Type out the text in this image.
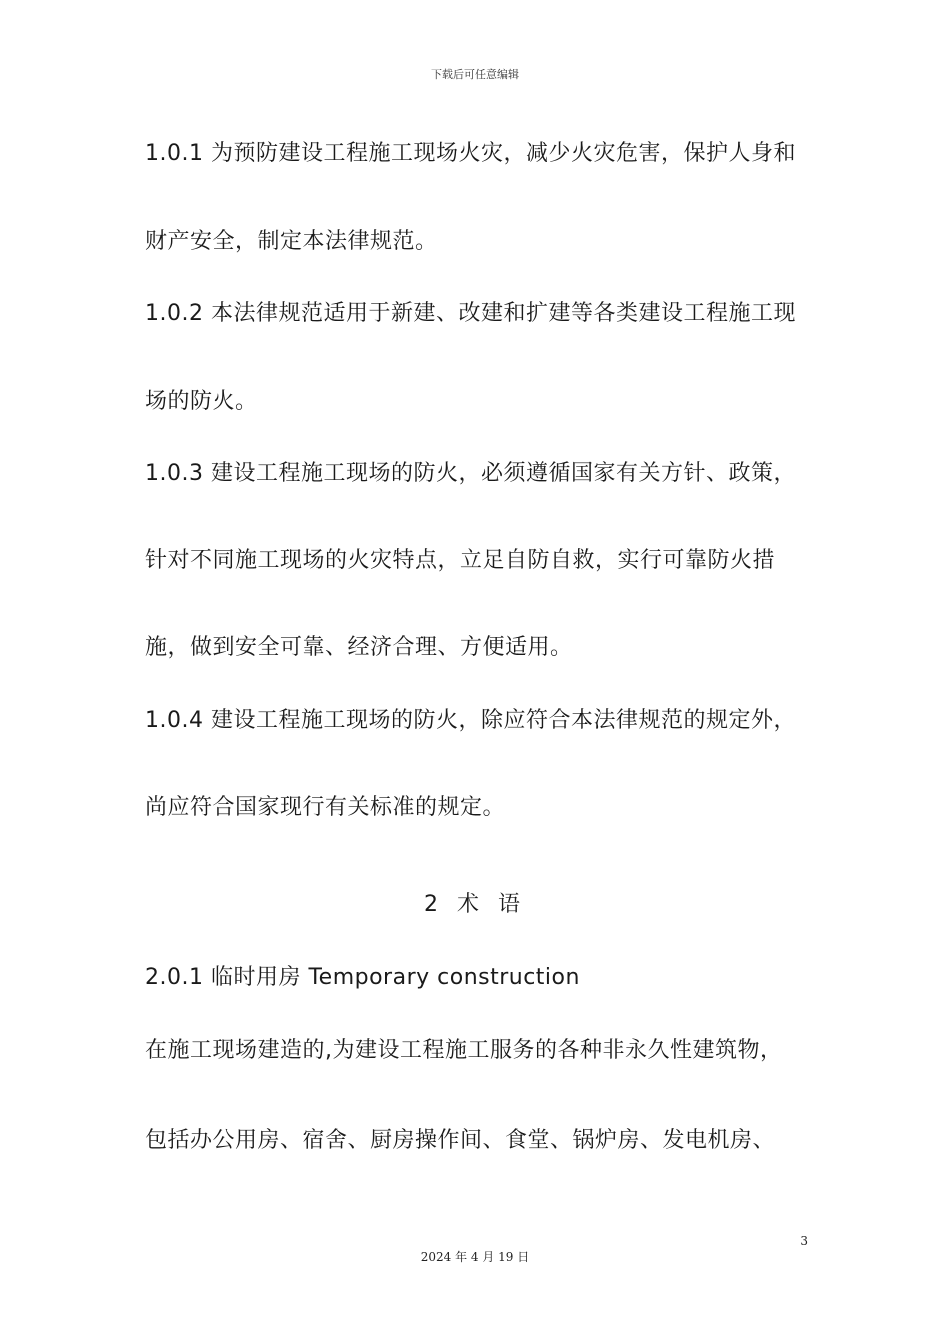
下载后可任意编辑
1.0.1 为预防建设工程施工现场火灾，减少火灾危害，保护人身和
财产安全，制定本法律规范。
1.0.2 本法律规范适用于新建、改建和扩建等各类建设工程施工现
场的防火。
1.0.3 建设工程施工现场的防火，必须遵循国家有关方针、政策，
针对不同施工现场的火灾特点，立足自防自救，实行可靠防火措
施，做到安全可靠、经济合理、方便适用。
1.0.4 建设工程施工现场的防火，除应符合本法律规范的规定外，
尚应符合国家现行有关标准的规定。
2 术 语
2.0.1 临时用房 Temporary construction
在施工现场建造的,为建设工程施工服务的各种非永久性建筑物，
包括办公用房、宿舍、厨房操作间、食堂、锅炉房、发电机房、
3
2024 年 4 月 19 日
